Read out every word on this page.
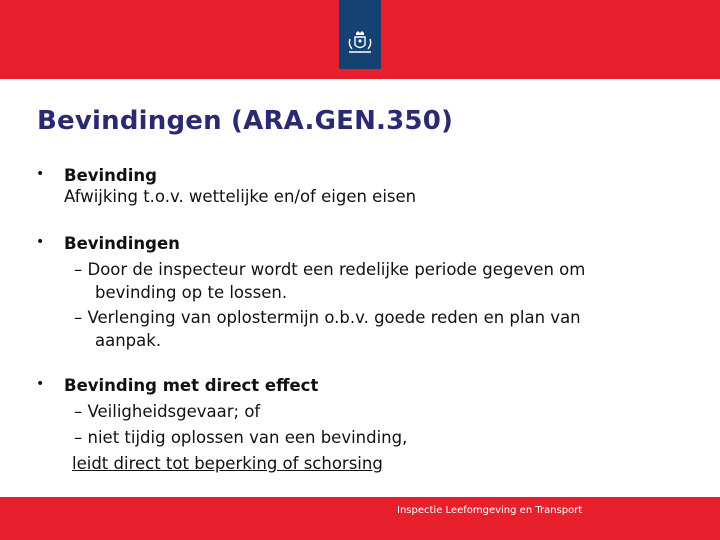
Bevindingen (ARA.GEN.350)
• Bevinding
Afwijking t.o.v. wettelijke en/of eigen eisen
• Bevindingen
– Door de inspecteur wordt een redelijke periode gegeven om
bevinding op te lossen.
– Verlenging van oplostermijn o.b.v. goede reden en plan van
aanpak.
• Bevinding met direct effect
– Veiligheidsgevaar; of
– niet tijdig oplossen van een bevinding,
leidt direct tot beperking of schorsing
Inspectie Leefomgeving en Transport
